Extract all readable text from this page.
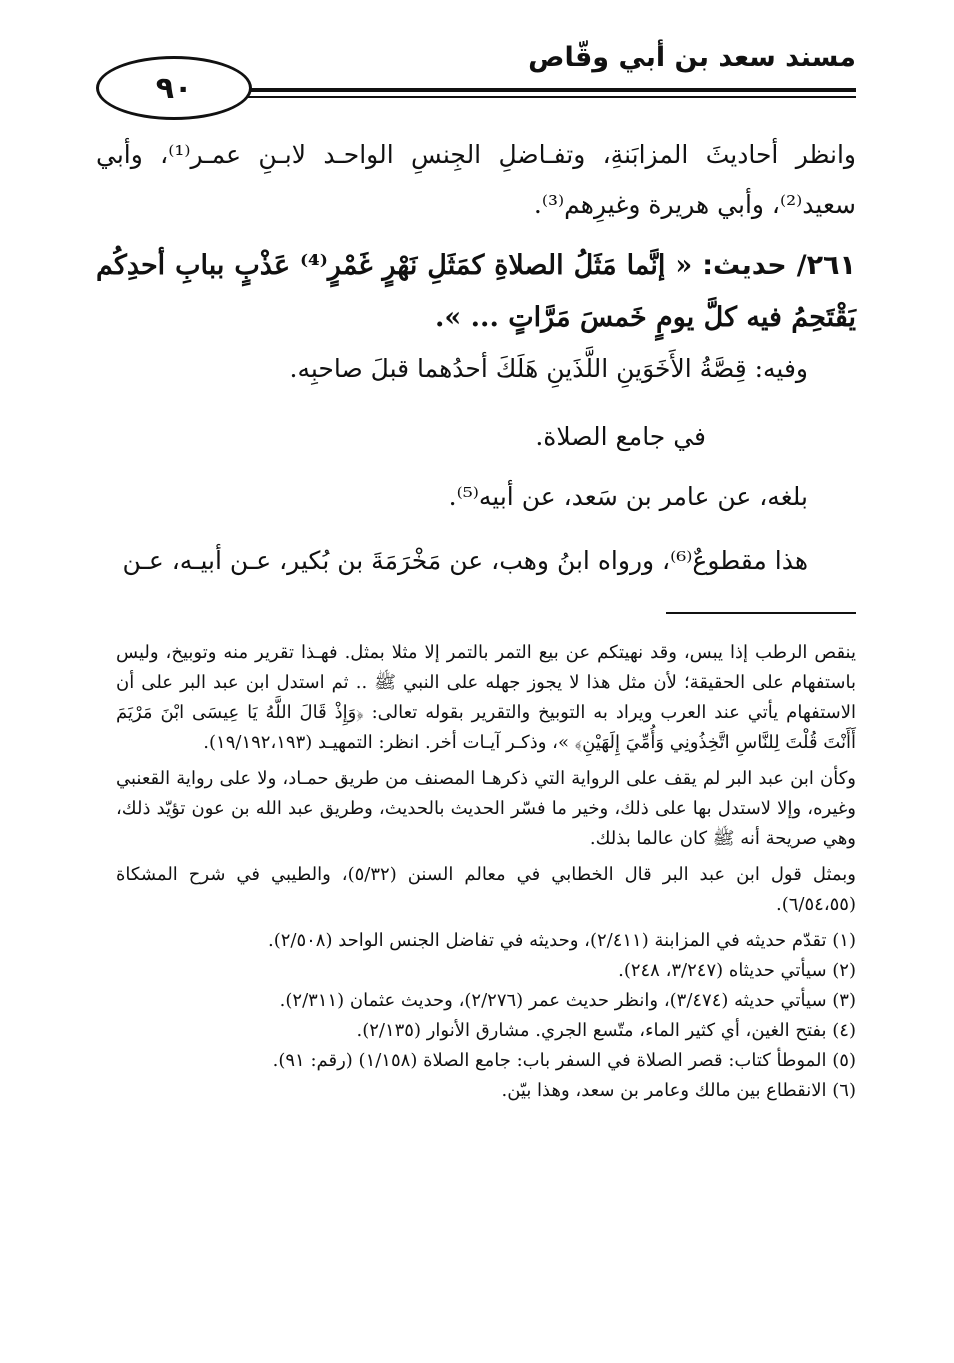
مسند سعد بن أبي وقّاص
٩٠

وانظر أحاديثَ المزابَنةِ، وتفـاضلِ الجِنسِ الواحـد لابـنِ عمـر⁽¹⁾، وأبي سعيد⁽²⁾، وأبي هريرة وغيرِهم⁽³⁾.

٢٦١/ حديث: « إنَّما مَثَلُ الصلاةِ كمَثَلِ نَهْرٍ غَمْرٍ⁽⁴⁾ عَذْبٍ ببابِ أحدِكُم يَقْتَحِمُ فيه كلَّ يومٍ خَمسَ مَرَّاتٍ ... ».

وفيه: قِصَّةُ الأَخَوَينِ اللَّذَينِ هَلَكَ أحدُهما قبلَ صاحبِه.

في جامع الصلاة.

بلغه، عن عامر بن سَعد، عن أبيه⁽⁵⁾.

هذا مقطوعٌ⁽⁶⁾، ورواه ابنُ وهب، عن مَخْرَمَةَ بن بُكير، عـن أبيـه، عـن

ينقص الرطب إذا يبس، وقد نهيتكم عن بيع التمر بالتمر إلا مثلا بمثل. فهـذا تقرير منه وتوبيخ، وليس باستفهام على الحقيقة؛ لأن مثل هذا لا يجوز جهله على النبي ﷺ .. ثم استدل ابن عبد البر على أن الاستفهام يأتي عند العرب ويراد به التوبيخ والتقرير بقوله تعالى: ﴿وَإِذْ قَالَ اللَّهُ يَا عِيسَى ابْنَ مَرْيَمَ أَأَنْتَ قُلْتَ لِلنَّاسِ اتَّخِذُونِي وَأُمِّيَ إِلَهَيْنِ﴾ »، وذكـر آيـات أخر. انظر: التمهيـد (١٩/١٩٢،١٩٣).

وكأن ابن عبد البر لم يقف على الرواية التي ذكرهـا المصنف من طريق حمـاد، ولا على رواية القعنبي وغيره، وإلا لاستدل بها على ذلك، وخير ما فسّر الحديث بالحديث، وطريق عبد الله بن عون تؤيّد ذلك، وهي صريحة أنه ﷺ كان عالما بذلك.

وبمثل قول ابن عبد البر قال الخطابي في معالم السنن (٥/٣٢)، والطيبي في شرح المشكاة (٦/٥٤،٥٥).

(١) تقدّم حديثه في المزابنة (٢/٤١١)، وحديثه في تفاضل الجنس الواحد (٢/٥٠٨).
(٢) سيأتي حديثاه (٣/٢٤٧، ٢٤٨).
(٣) سيأتي حديثه (٣/٤٧٤)، وانظر حديث عمر (٢/٢٧٦)، وحديث عثمان (٢/٣١١).
(٤) بفتح الغين، أي كثير الماء، متّسع الجري. مشارق الأنوار (٢/١٣٥).
(٥) الموطأ كتاب: قصر الصلاة في السفر باب: جامع الصلاة (١/١٥٨) (رقم: ٩١).
(٦) الانقطاع بين مالك وعامر بن سعد، وهذا بيّن.
